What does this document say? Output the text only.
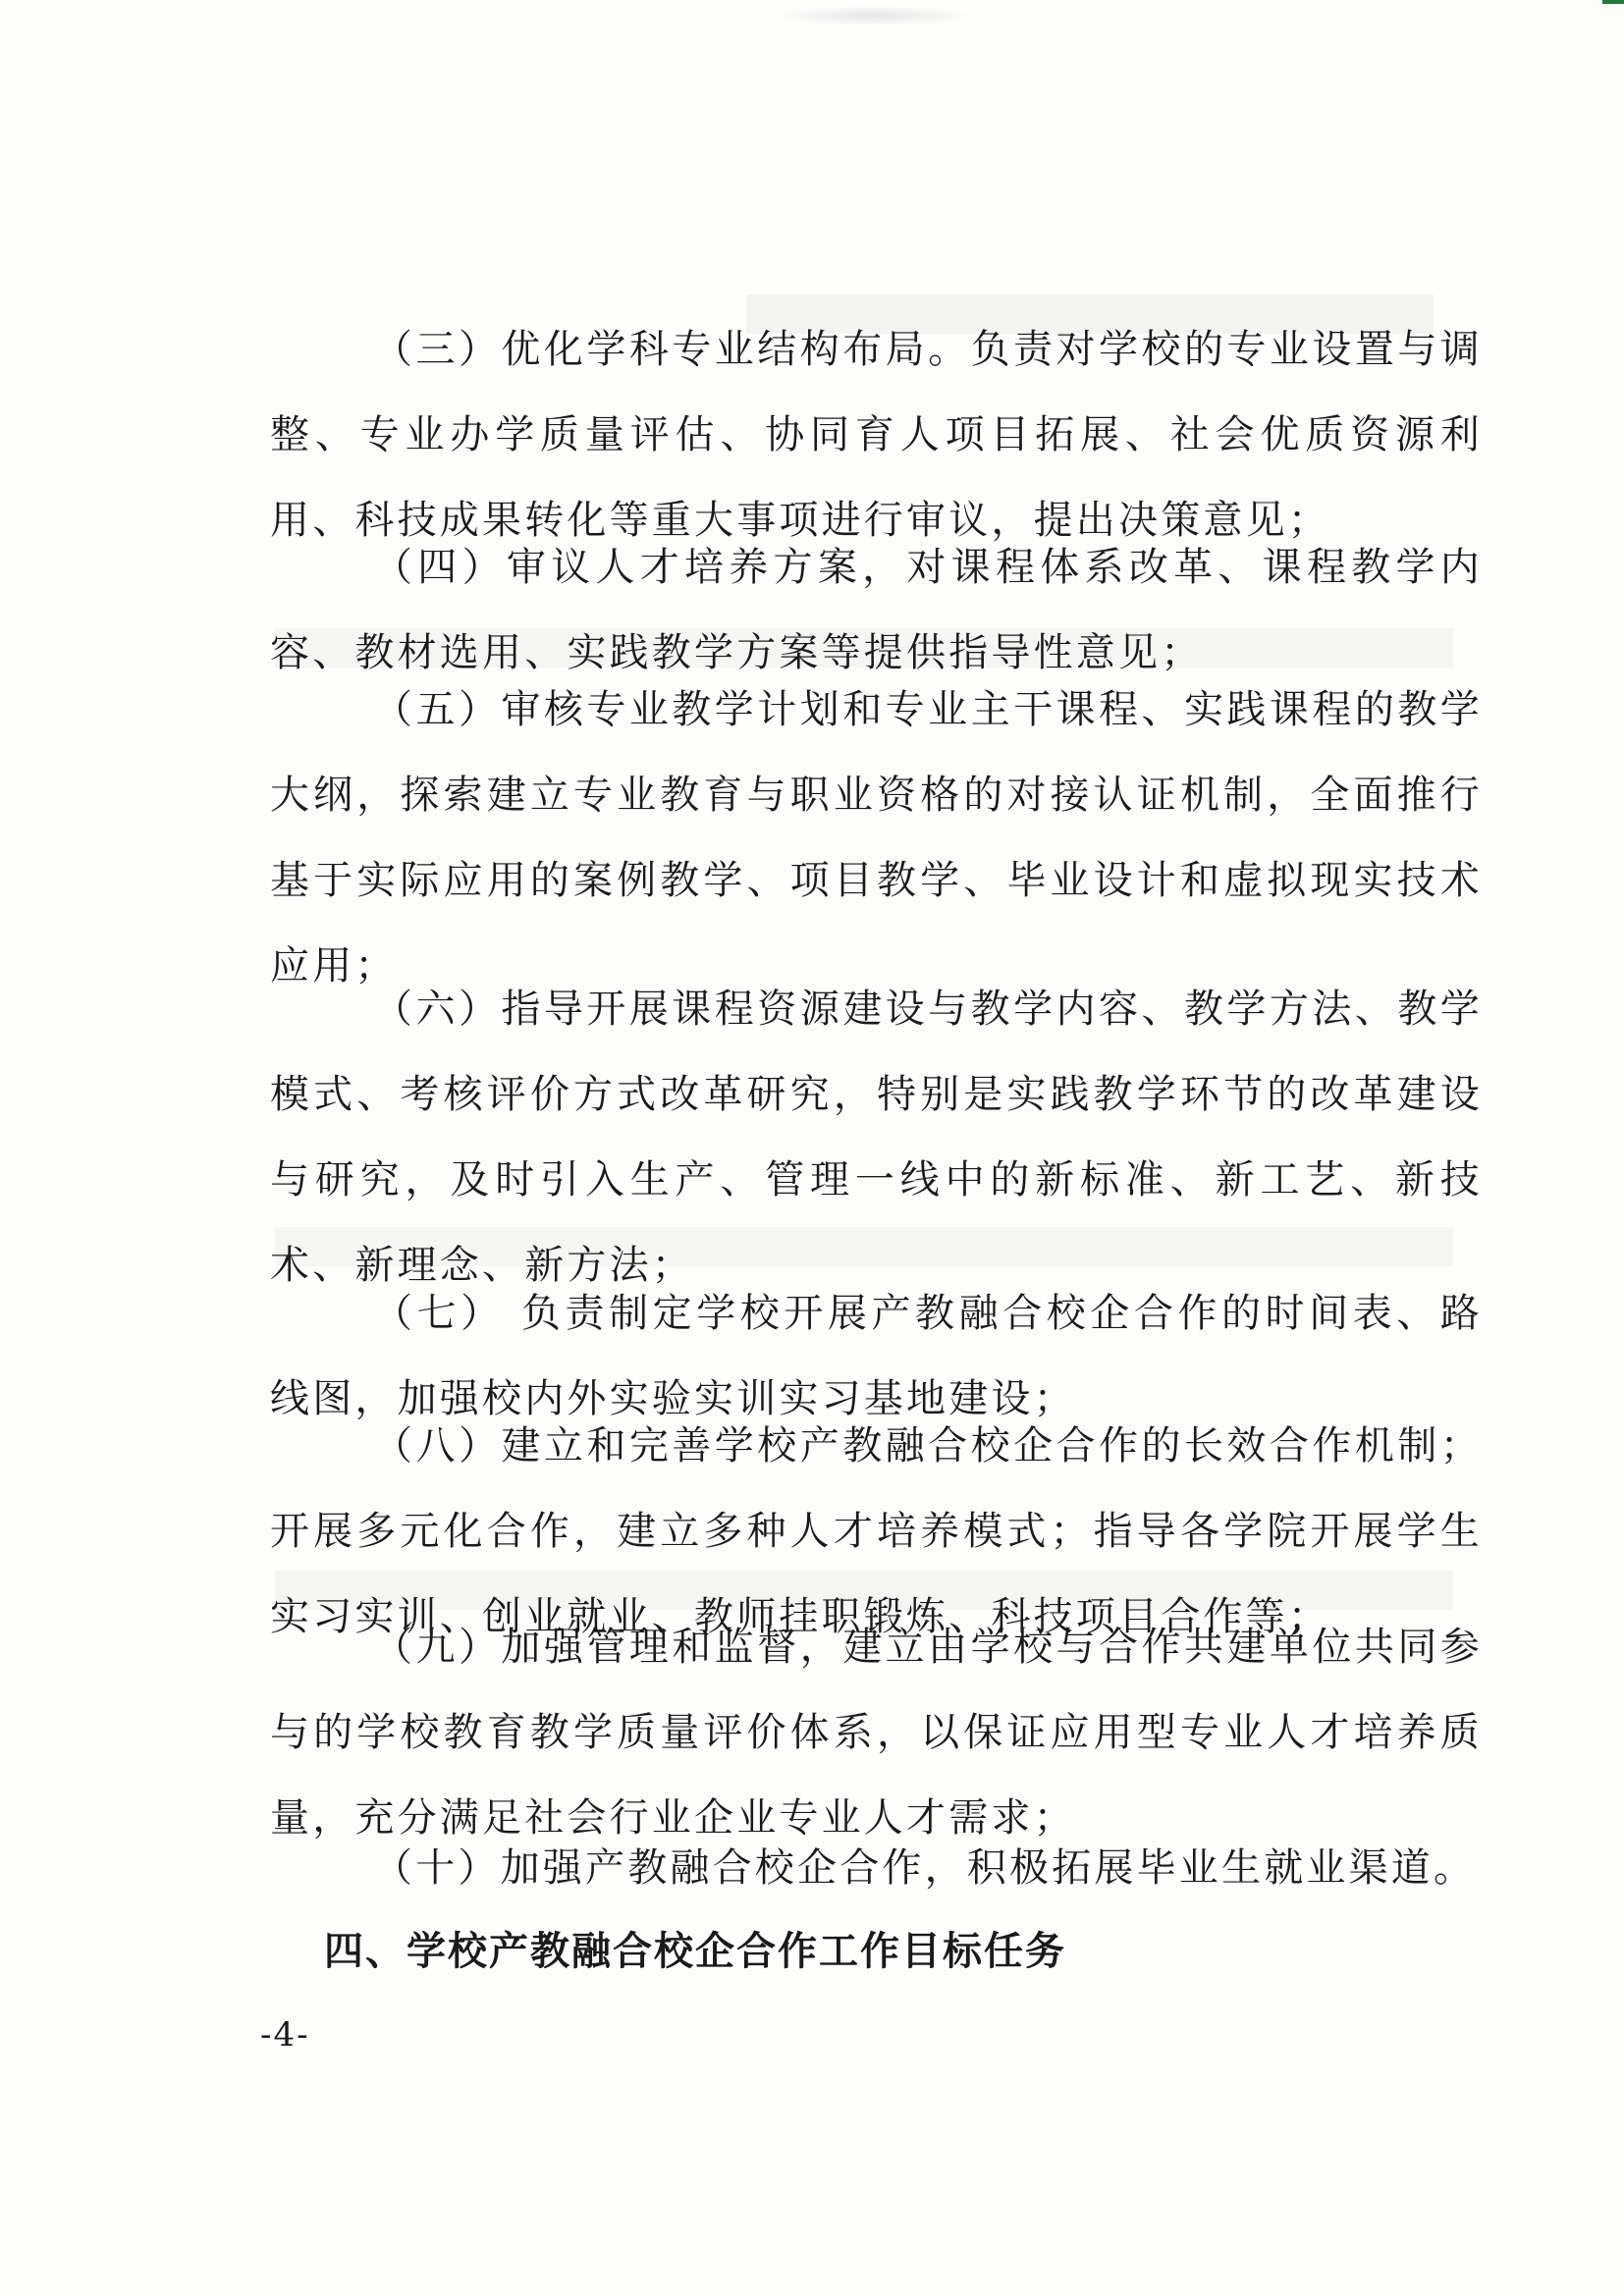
（三）优化学科专业结构布局。负责对学校的专业设置与调整、专业办学质量评估、协同育人项目拓展、社会优质资源利用、科技成果转化等重大事项进行审议，提出决策意见；

（四）审议人才培养方案，对课程体系改革、课程教学内容、教材选用、实践教学方案等提供指导性意见；

（五）审核专业教学计划和专业主干课程、实践课程的教学大纲，探索建立专业教育与职业资格的对接认证机制，全面推行基于实际应用的案例教学、项目教学、毕业设计和虚拟现实技术应用；

（六）指导开展课程资源建设与教学内容、教学方法、教学模式、考核评价方式改革研究，特别是实践教学环节的改革建设与研究，及时引入生产、管理一线中的新标准、新工艺、新技术、新理念、新方法；

（七） 负责制定学校开展产教融合校企合作的时间表、路线图，加强校内外实验实训实习基地建设；

（八）建立和完善学校产教融合校企合作的长效合作机制；开展多元化合作，建立多种人才培养模式；指导各学院开展学生实习实训、创业就业、教师挂职锻炼、科技项目合作等；

（九）加强管理和监督，建立由学校与合作共建单位共同参与的学校教育教学质量评价体系，以保证应用型专业人才培养质量，充分满足社会行业企业专业人才需求；

（十）加强产教融合校企合作，积极拓展毕业生就业渠道。

四、学校产教融合校企合作工作目标任务
-4-
